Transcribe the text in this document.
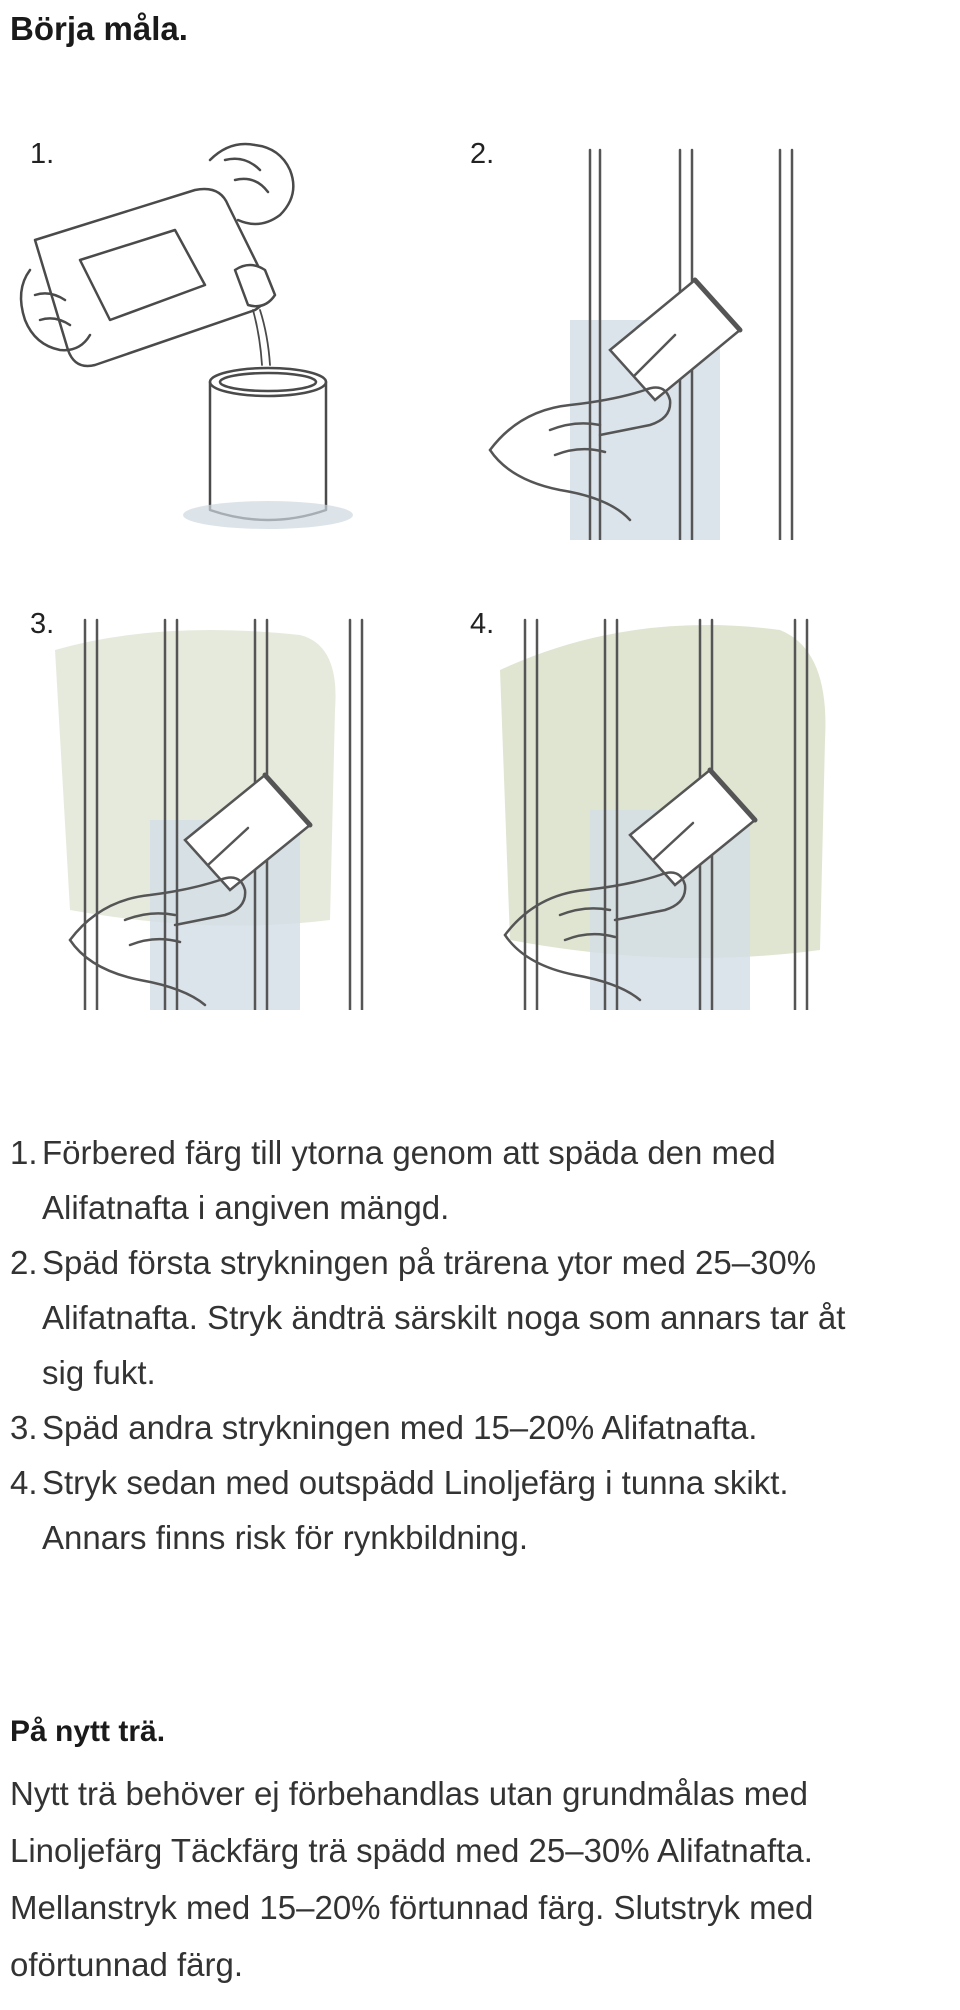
Börja måla.
1.	2.
3.	4.
1. Förbered färg till ytorna genom att späda den med
Alifatnafta i angiven mängd.
2. Späd första strykningen på trärena ytor med 25–30%
Alifatnafta. Stryk ändträ särskilt noga som annars tar åt
sig fukt.
3. Späd andra strykningen med 15–20% Alifatnafta.
4. Stryk sedan med outspädd Linoljefärg i tunna skikt.
Annars finns risk för rynkbildning.
På nytt trä.

Nytt trä behöver ej förbehandlas utan grundmålas med

Linoljefärg Täckfärg trä spädd med 25–30% Alifatnafta.

Mellanstryk med 15–20% förtunnad färg. Slutstryk med

oförtunnad färg.
